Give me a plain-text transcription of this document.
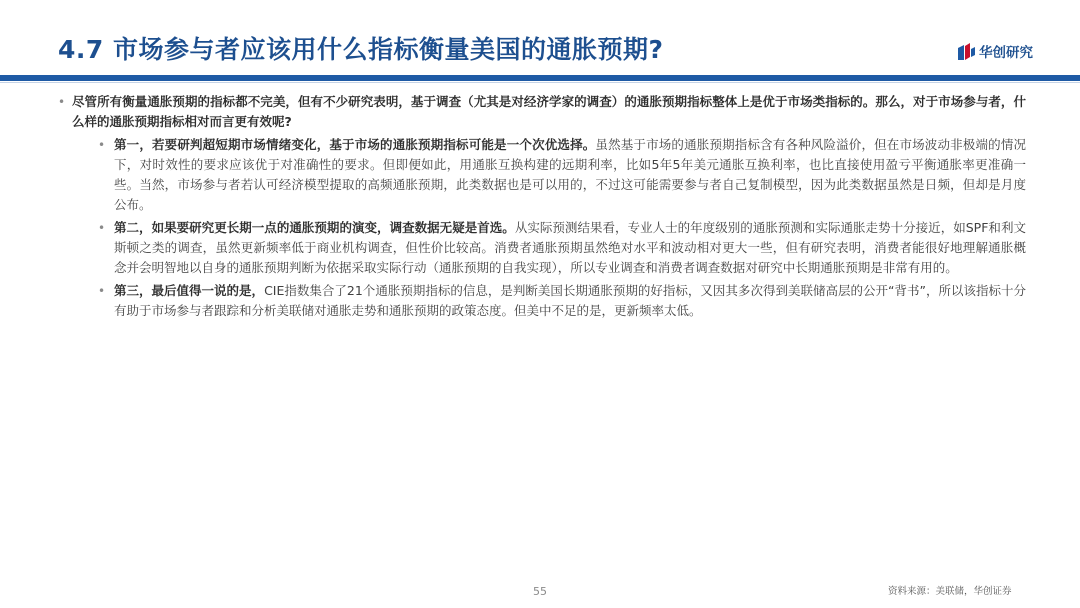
4.7 市场参与者应该用什么指标衡量美国的通胀预期?	华创研究

• 尽管所有衡量通胀预期的指标都不完美，但有不少研究表明，基于调查（尤其是对经济学家的调查）的通胀预期指标整体上是优于市场类指标的。那么，对于市场参与者，什么样的通胀预期指标相对而言更有效呢?

• 第一，若要研判超短期市场情绪变化，基于市场的通胀预期指标可能是一个次优选择。虽然基于市场的通胀预期指标含有各种风险溢价，但在市场波动非极端的情况下，对时效性的要求应该优于对准确性的要求。但即便如此，用通胀互换构建的远期利率，比如5年5年美元通胀互换利率，也比直接使用盈亏平衡通胀率更准确一些。当然，市场参与者若认可经济模型提取的高频通胀预期，此类数据也是可以用的，不过这可能需要参与者自己复制模型，因为此类数据虽然是日频，但却是月度公布。

• 第二，如果要研究更长期一点的通胀预期的演变，调查数据无疑是首选。从实际预测结果看，专业人士的年度级别的通胀预测和实际通胀走势十分接近，如SPF和利文斯顿之类的调查，虽然更新频率低于商业机构调查，但性价比较高。消费者通胀预期虽然绝对水平和波动相对更大一些，但有研究表明，消费者能很好地理解通胀概念并会明智地以自身的通胀预期判断为依据采取实际行动（通胀预期的自我实现），所以专业调查和消费者调查数据对研究中长期通胀预期是非常有用的。

• 第三，最后值得一说的是，CIE指数集合了21个通胀预期指标的信息，是判断美国长期通胀预期的好指标，又因其多次得到美联储高层的公开“背书”，所以该指标十分有助于市场参与者跟踪和分析美联储对通胀走势和通胀预期的政策态度。但美中不足的是，更新频率太低。

55	资料来源：美联储，华创证券
